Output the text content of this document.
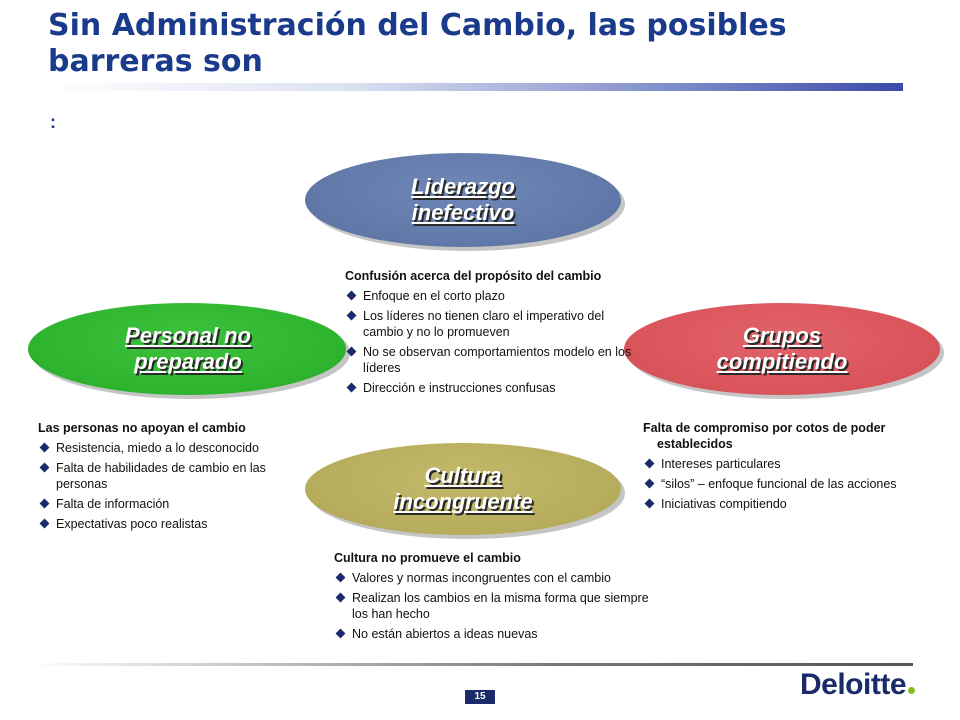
Sin Administración del Cambio, las posibles barreras son
:
Liderazgo inefectivo
Personal no preparado
Grupos compitiendo
Cultura incongruente
Confusión acerca del propósito del cambio
Enfoque en el corto plazo
Los líderes no tienen claro el imperativo del cambio y no lo promueven
No se observan comportamientos modelo en los líderes
Dirección e instrucciones confusas
Las personas no apoyan el cambio
Resistencia, miedo a lo desconocido
Falta de habilidades de cambio en las personas
Falta de información
Expectativas poco realistas
Falta de compromiso por cotos de poder establecidos
Intereses particulares
“silos” – enfoque funcional de las acciones
Iniciativas compitiendo
Cultura no promueve el cambio
Valores y normas incongruentes con el cambio
Realizan los cambios en la misma forma que siempre los han hecho
No están abiertos a ideas nuevas
15	Deloitte
